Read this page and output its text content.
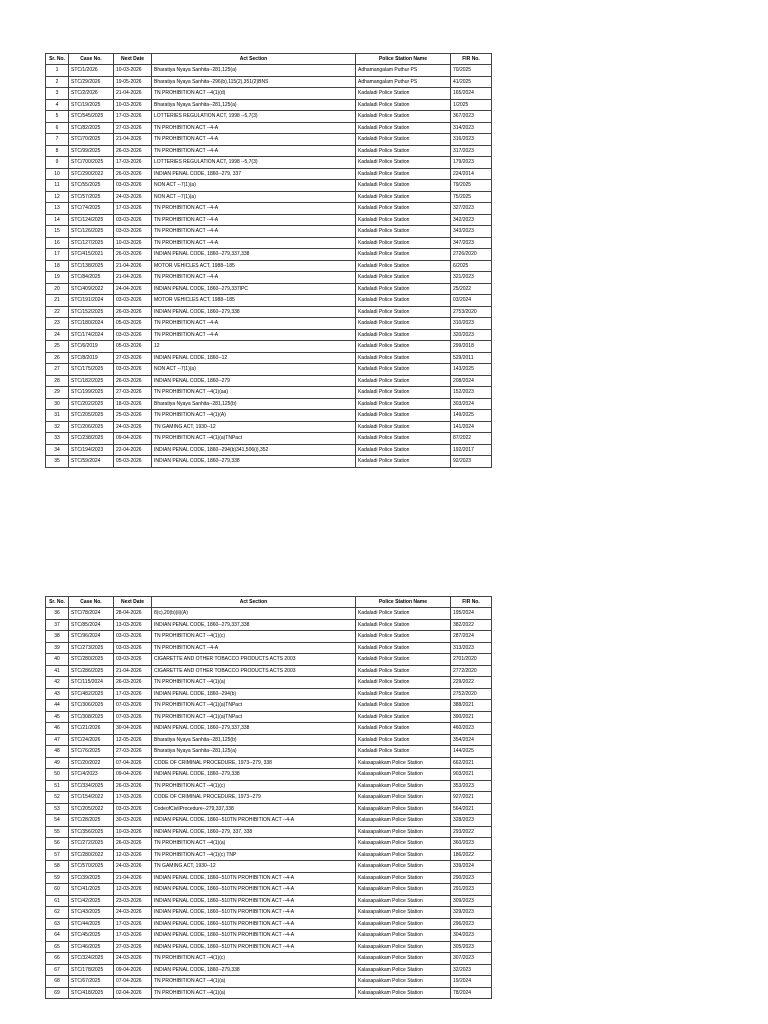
Sr. No.	Case No.	Next Date	Act Section	Police Station Name	FIR No.
1	STC/1/2026	10-03-2026	Bharatiya Nyaya Sanhita--281,125(a)	Adhamangalam Puthur PS	70/2025
2	STC/29/2026	19-05-2026	Bharatiya Nyaya Sanhita--296(b),115(2),351(2)BNS	Adhamangalam Puthur PS	41/2025
3	STC/2/2026	21-04-2026	TN PROHIBITION ACT --4(1)(d)	Kadaladi Police Station	165/2024
4	STC/19/2025	10-03-2026	Bharatiya Nyaya Sanhita--281,125(a)	Kadaladi Police Station	1/2025
5	STC/545/2025	17-03-2026	LOTTERIES REGULATION ACT, 1998 --5,7(3)	Kadaladi Police Station	367/2023
6	STC/82/2025	27-03-2026	TN PROHIBITION ACT --4-A	Kadaladi Police Station	314/2023
7	STC/70/2025	21-04-2026	TN PROHIBITION ACT --4-A	Kadaladi Police Station	316/2023
8	STC/99/2025	26-03-2026	TN PROHIBITION ACT --4-A	Kadaladi Police Station	317/2023
9	STC/700/2025	17-03-2026	LOTTERIES REGULATION ACT, 1998 --5,7(3)	Kadaladi Police Station	179/2023
10	STC/290/2022	26-03-2026	INDIAN PENAL CODE, 1860--279, 337	Kadaladi Police Station	224/2014
11	STC/55/2025	03-03-2026	NON ACT --7(1)(a)	Kadaladi Police Station	79/2025
12	STC/57/2025	24-03-2026	NON ACT --7(1)(a)	Kadaladi Police Station	75/2025
13	STC/74/2025	17-03-2026	TN PROHIBITION ACT --4-A	Kadaladi Police Station	327/2023
14	STC/124/2025	03-03-2026	TN PROHIBITION ACT --4-A	Kadaladi Police Station	342/2023
15	STC/126/2025	03-03-2026	TN PROHIBITION ACT --4-A	Kadaladi Police Station	343/2023
16	STC/127/2025	10-03-2026	TN PROHIBITION ACT --4-A	Kadaladi Police Station	347/2023
17	STC/415/2021	26-03-2026	INDIAN PENAL CODE, 1860--279,337,338	Kadaladi Police Station	2726/2020
18	STC/138/2025	21-04-2026	MOTOR VEHICLES ACT, 1988--185	Kadaladi Police Station	6/2025
19	STC/84/2025	21-04-2026	TN PROHIBITION ACT --4-A	Kadaladi Police Station	321/2023
20	STC/409/2022	24-04-2026	INDIAN PENAL CODE, 1860--279,337IPC	Kadaladi Police Station	25/2022
21	STC/191/2024	03-03-2026	MOTOR VEHICLES ACT, 1988--185	Kadaladi Police Station	03/2024
22	STC/152/2025	26-03-2026	INDIAN PENAL CODE, 1860--279,338	Kadaladi Police Station	2753/2020
23	STC/180/2024	05-03-2026	TN PROHIBITION ACT --4-A	Kadaladi Police Station	310/2023
24	STC/174/2024	03-03-2026	TN PROHIBITION ACT --4-A	Kadaladi Police Station	320/2023
25	STC/6/2019	05-03-2026	12	Kadaladi Police Station	299/2018
26	STC/8/2019	27-03-2026	INDIAN PENAL CODE, 1860--12	Kadaladi Police Station	529/2011
27	STC/175/2025	03-03-2026	NON ACT --7(1)(a)	Kadaladi Police Station	143/2025
28	STC/182/2025	26-03-2026	INDIAN PENAL CODE, 1860--279	Kadaladi Police Station	208/2024
29	STC/199/2025	27-03-2026	TN PROHIBITION ACT --4(1)(aa)	Kadaladi Police Station	152/2023
30	STC/202/2025	18-03-2026	Bharatiya Nyaya Sanhita--281,125(b)	Kadaladi Police Station	303/2024
31	STC/205/2025	25-03-2026	TN PROHIBITION ACT --4(1)(A)	Kadaladi Police Station	149/2025
32	STC/206/2025	24-03-2026	TN GAMING ACT, 1930--12	Kadaladi Police Station	141/2024
33	STC/238/2025	09-04-2026	TN PROHIBITION ACT --4(1)(a)TNPact	Kadaladi Police Station	87/2022
34	STC/194/2023	22-04-2026	INDIAN PENAL CODE, 1860--294(b)341,506(i),352	Kadaladi Police Station	192/2017
35	STC/59/2024	05-03-2026	INDIAN PENAL CODE, 1860--279,338	Kadaladi Police Station	92/2023
Sr. No.	Case No.	Next Date	Act Section	Police Station Name	FIR No.
36	STC/78/2024	28-04-2026	8(c),20(b)(ii)(A)	Kadaladi Police Station	195/2024
37	STC/85/2024	13-03-2026	INDIAN PENAL CODE, 1860--279,337,338	Kadaladi Police Station	382/2022
38	STC/96/2024	03-03-2026	TN PROHIBITION ACT --4(1)(c)	Kadaladi Police Station	287/2024
39	STC/273/2025	03-03-2026	TN PROHIBITION ACT --4-A	Kadaladi Police Station	313/2023
40	STC/280/2025	03-03-2026	CIGARETTE AND OTHER TOBACCO PRODUCTS ACTS 2003	Kadaladi Police Station	2701/2020
41	STC/286/2025	21-04-2026	CIGARETTE AND OTHER TOBACCO PRODUCTS ACTS 2003	Kadaladi Police Station	2772/2020
42	STC/115/2024	26-03-2026	TN PROHIBITION ACT --4(1)(a)	Kadaladi Police Station	229/2022
43	STC/482/2025	17-03-2026	INDIAN PENAL CODE, 1860--294(b)	Kadaladi Police Station	2752/2020
44	STC/306/2025	07-03-2026	TN PROHIBITION ACT --4(1)(a)TNPact	Kadaladi Police Station	388/2021
45	STC/308/2025	07-03-2026	TN PROHIBITION ACT --4(1)(a)TNPact	Kadaladi Police Station	390/2021
46	STC/21/2026	30-04-2026	INDIAN PENAL CODE, 1860--279,337,338	Kadaladi Police Station	460/2023
47	STC/24/2026	12-05-2026	Bharatiya Nyaya Sanhita--281,125(b)	Kadaladi Police Station	354/2024
48	STC/76/2025	27-03-2026	Bharatiya Nyaya Sanhita--281,125(a)	Kadaladi Police Station	144/2025
49	STC/20/2022	07-04-2026	CODE OF CRIMINAL PROCEDURE, 1973--279, 338	Kalasapakkam Police Station	662/2021
50	STC/4/2023	09-04-2026	INDIAN PENAL CODE, 1860--279,338	Kalasapakkam Police Station	903/2021
51	STC/334/2025	26-03-2026	TN PROHIBITION ACT --4(1)(c)	Kalasapakkam Police Station	353/2023
52	STC/154/2022	17-03-2026	CODE OF CRIMINAL PROCEDURE, 1973--279	Kalasapakkam Police Station	927/2021
53	STC/205/2022	03-03-2026	CodeofCivilProcedure--279,337,338	Kalasapakkam Police Station	564/2021
54	STC/28/2025	30-03-2026	INDIAN PENAL CODE, 1860--510TN PROHIBITION ACT --4-A	Kalasapakkam Police Station	328/2023
55	STC/356/2025	10-03-2026	INDIAN PENAL CODE, 1860--279, 337, 338	Kalasapakkam Police Station	293/2022
56	STC/272/2025	26-03-2026	TN PROHIBITION ACT --4(1)(a)	Kalasapakkam Police Station	360/2023
57	STC/280/2022	12-03-2026	TN PROHIBITION ACT --4(1)(c) TNP	Kalasapakkam Police Station	186/2022
58	STC/570/2025	24-03-2026	TN GAMING ACT, 1930--12	Kalasapakkam Police Station	339/2024
59	STC/39/2025	21-04-2026	INDIAN PENAL CODE, 1860--510TN PROHIBITION ACT --4-A	Kalasapakkam Police Station	290/2023
60	STC/41/2025	12-03-2026	INDIAN PENAL CODE, 1860--510TN PROHIBITION ACT --4-A	Kalasapakkam Police Station	291/2023
61	STC/42/2025	23-03-2026	INDIAN PENAL CODE, 1860--510TN PROHIBITION ACT --4-A	Kalasapakkam Police Station	309/2023
62	STC/43/2025	24-03-2026	INDIAN PENAL CODE, 1860--510TN PROHIBITION ACT --4-A	Kalasapakkam Police Station	329/2023
63	STC/44/2025	17-03-2026	INDIAN PENAL CODE, 1860--510TN PROHIBITION ACT --4-A	Kalasapakkam Police Station	296/2023
64	STC/45/2025	17-03-2026	INDIAN PENAL CODE, 1860--510TN PROHIBITION ACT --4-A	Kalasapakkam Police Station	304/2023
65	STC/46/2025	27-03-2026	INDIAN PENAL CODE, 1860--510TN PROHIBITION ACT --4-A	Kalasapakkam Police Station	305/2023
66	STC/324/2025	24-03-2026	TN PROHIBITION ACT --4(1)(c)	Kalasapakkam Police Station	307/2023
67	STC/178/2025	09-04-2026	INDIAN PENAL CODE, 1860--279,338	Kalasapakkam Police Station	32/2023
68	STC/67/2025	07-04-2026	TN PROHIBITION ACT --4(1)(a)	Kalasapakkam Police Station	19/2024
69	STC/418/2025	02-04-2026	TN PROHIBITION ACT --4(1)(a)	Kalasapakkam Police Station	78/2024
